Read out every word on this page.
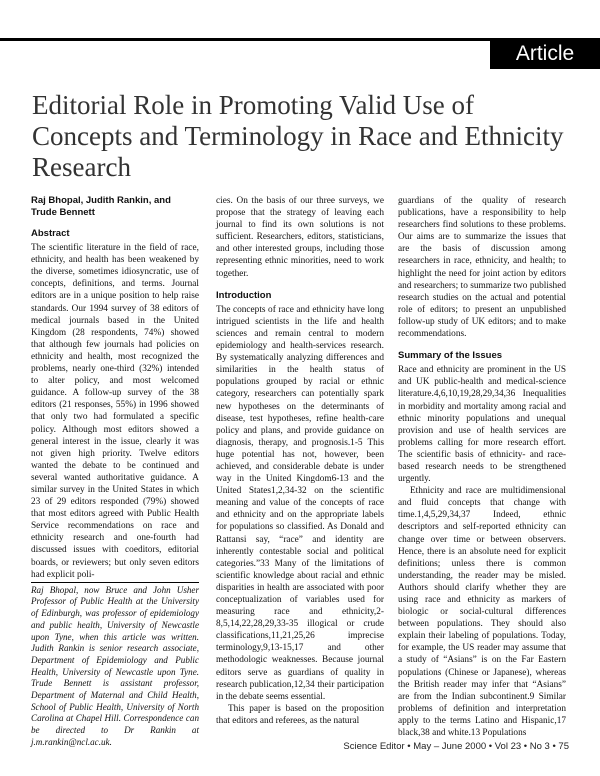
Article
Editorial Role in Promoting Valid Use of Concepts and Terminology in Race and Ethnicity Research
Raj Bhopal, Judith Rankin, and Trude Bennett
Abstract

The scientific literature in the field of race, ethnicity, and health has been weakened by the diverse, sometimes idiosyncratic, use of concepts, definitions, and terms. Journal editors are in a unique position to help raise standards. Our 1994 survey of 38 editors of medical journals based in the United Kingdom (28 respondents, 74%) showed that although few journals had policies on ethnicity and health, most recognized the problems, nearly one-third (32%) intended to alter policy, and most welcomed guidance. A follow-up survey of the 38 editors (21 responses, 55%) in 1996 showed that only two had formulated a specific policy. Although most editors showed a general interest in the issue, clearly it was not given high priority. Twelve editors wanted the debate to be continued and several wanted authoritative guidance. A similar survey in the United States in which 23 of 29 editors responded (79%) showed that most editors agreed with Public Health Service recommendations on race and ethnicity research and one-fourth had discussed issues with coeditors, editorial boards, or reviewers; but only seven editors had explicit poli-

Raj Bhopal, now Bruce and John Usher Professor of Public Health at the University of Edinburgh, was professor of epidemiology and public health, University of Newcastle upon Tyne, when this article was written. Judith Rankin is senior research associate, Department of Epidemiology and Public Health, University of Newcastle upon Tyne. Trude Bennett is assistant professor, Department of Maternal and Child Health, School of Public Health, University of North Carolina at Chapel Hill. Correspondence can be directed to Dr Rankin at j.m.rankin@ncl.ac.uk.

cies. On the basis of our three surveys, we propose that the strategy of leaving each journal to find its own solutions is not sufficient. Researchers, editors, statisticians, and other interested groups, including those representing ethnic minorities, need to work together.

Introduction

The concepts of race and ethnicity have long intrigued scientists in the life and health sciences and remain central to modern epidemiology and health-services research. By systematically analyzing differences and similarities in the health status of populations grouped by racial or ethnic category, researchers can potentially spark new hypotheses on the determinants of disease, test hypotheses, refine health-care policy and plans, and provide guidance on diagnosis, therapy, and prognosis.1-5 This huge potential has not, however, been achieved, and considerable debate is under way in the United Kingdom6-13 and the United States1,2,34-32 on the scientific meaning and value of the concepts of race and ethnicity and on the appropriate labels for populations so classified. As Donald and Rattansi say, “race” and identity are inherently contestable social and political categories.”33 Many of the limitations of scientific knowledge about racial and ethnic disparities in health are associated with poor conceptualization of variables used for measuring race and ethnicity,2-8,5,14,22,28,29,33-35 illogical or crude classifications,11,21,25,26 imprecise terminology,9,13-15,17 and other methodologic weaknesses. Because journal editors serve as guardians of quality in research publication,12,34 their participation in the debate seems essential.

This paper is based on the proposition that editors and referees, as the natural

guardians of the quality of research publications, have a responsibility to help researchers find solutions to these problems. Our aims are to summarize the issues that are the basis of discussion among researchers in race, ethnicity, and health; to highlight the need for joint action by editors and researchers; to summarize two published research studies on the actual and potential role of editors; to present an unpublished follow-up study of UK editors; and to make recommendations.

Summary of the Issues

Race and ethnicity are prominent in the US and UK public-health and medical-science literature.4,6,10,19,28,29,34,36 Inequalities in morbidity and mortality among racial and ethnic minority populations and unequal provision and use of health services are problems calling for more research effort. The scientific basis of ethnicity- and race-based research needs to be strengthened urgently.

Ethnicity and race are multidimensional and fluid concepts that change with time.1,4,5,29,34,37 Indeed, ethnic descriptors and self-reported ethnicity can change over time or between observers. Hence, there is an absolute need for explicit definitions; unless there is common understanding, the reader may be misled. Authors should clarify whether they are using race and ethnicity as markers of biologic or social-cultural differences between populations. They should also explain their labeling of populations. Today, for example, the US reader may assume that a study of “Asians” is on the Far Eastern populations (Chinese or Japanese), whereas the British reader may infer that “Asians” are from the Indian subcontinent.9 Similar problems of definition and interpretation apply to the terms Latino and Hispanic,17 black,38 and white.13 Populations

Science Editor • May – June 2000 • Vol 23 • No 3 • 75
